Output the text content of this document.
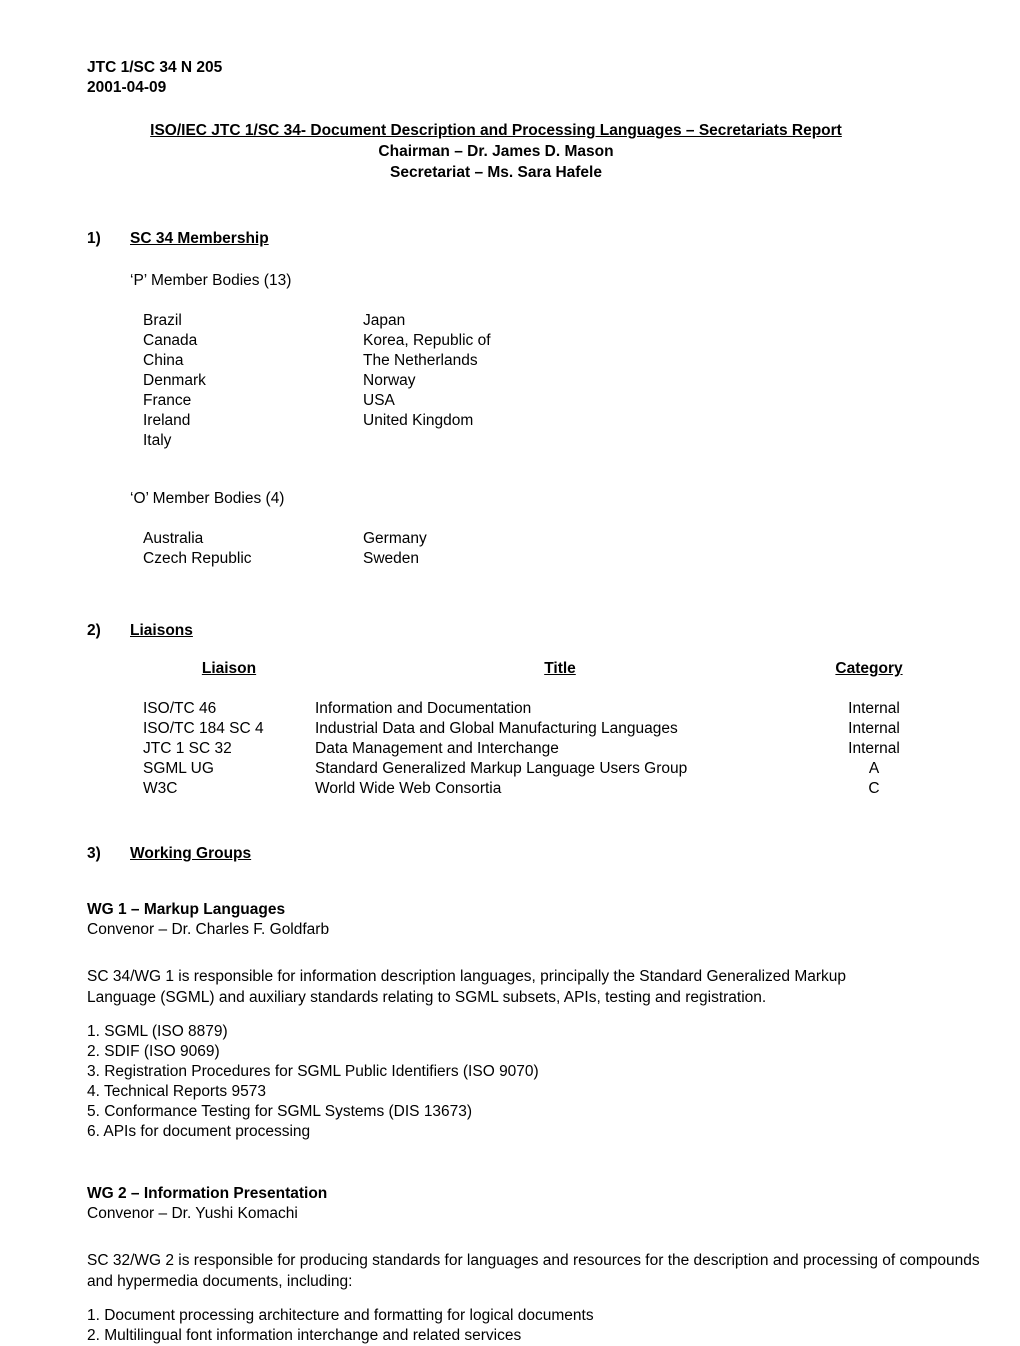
JTC 1/SC 34 N 205
2001-04-09
ISO/IEC JTC 1/SC 34- Document Description and Processing Languages – Secretariats Report
Chairman – Dr. James D. Mason
Secretariat – Ms. Sara Hafele
1)	SC 34 Membership
‘P’ Member Bodies (13)
Brazil	Japan
Canada	Korea, Republic of
China	The Netherlands
Denmark	Norway
France	USA
Ireland	United Kingdom
Italy
‘O’ Member Bodies (4)
Australia	Germany
Czech Republic	Sweden
2)	Liaisons
Liaison	Title	Category

ISO/TC 46	Information and Documentation	Internal
ISO/TC 184 SC 4	Industrial Data and Global Manufacturing Languages	Internal
JTC 1 SC 32	Data Management and Interchange	Internal
SGML UG	Standard Generalized Markup Language Users Group	A
W3C	World Wide Web Consortia	C
3)	Working Groups
WG 1 – Markup Languages
Convenor – Dr. Charles F. Goldfarb
SC 34/WG 1 is responsible for information description languages, principally the Standard Generalized Markup Language (SGML) and auxiliary standards relating to SGML subsets, APIs, testing and registration.
1. SGML (ISO 8879)
2. SDIF (ISO 9069)
3. Registration Procedures for SGML Public Identifiers (ISO 9070)
4. Technical Reports 9573
5. Conformance Testing for SGML Systems (DIS 13673)
6. APIs for document processing
WG 2 – Information Presentation
Convenor – Dr. Yushi Komachi
SC 32/WG 2 is responsible for producing standards for languages and resources for the description and processing of compounds and hypermedia documents, including:
1. Document processing architecture and formatting for logical documents
2. Multilingual font information interchange and related services
